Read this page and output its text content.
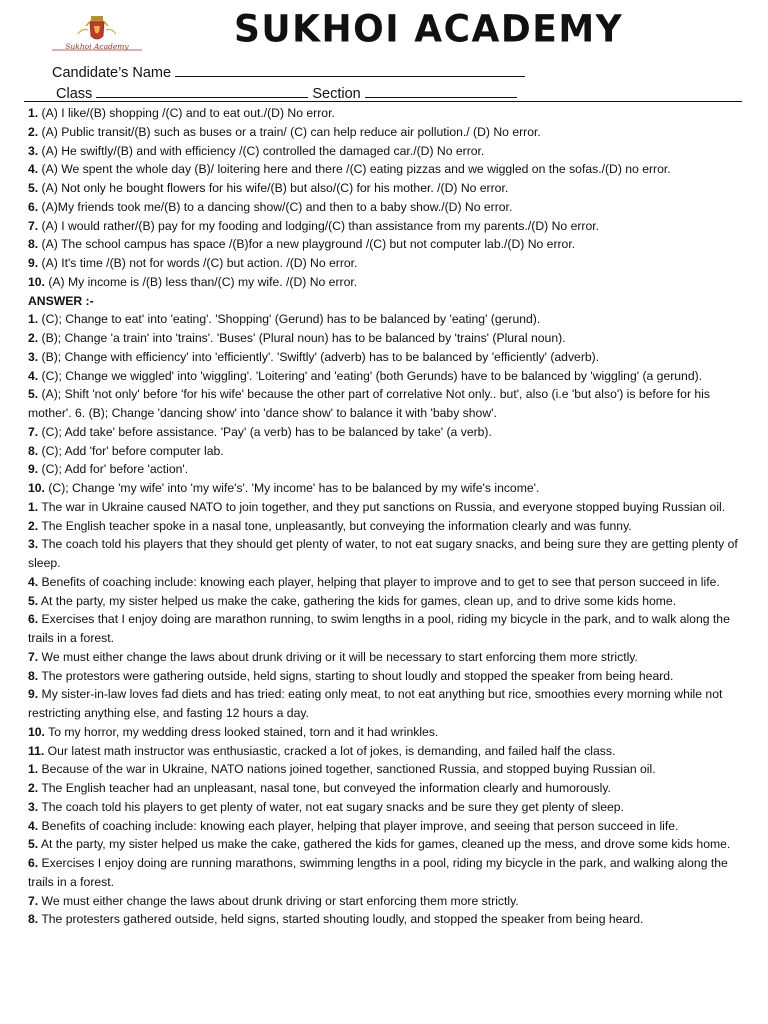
Sukhoi Academy	SUKHOI ACADEMY
Candidate’s Name
Class	Section

1. (A) I like/(B) shopping /(C) and to eat out./(D) No error.

2. (A) Public transit/(B) such as buses or a train/ (C) can help reduce air pollution./ (D) No error.

3. (A) He swiftly/(B) and with efficiency /(C) controlled the damaged car./(D) No error.

4. (A) We spent the whole day (B)/ loitering here and there /(C) eating pizzas and we wiggled on the sofas./(D) no error.

5. (A) Not only he bought flowers for his wife/(B) but also/(C) for his mother. /(D) No error.

6. (A)My friends took me/(B) to a dancing show/(C) and then to a baby show./(D) No error.

7. (A) I would rather/(B) pay for my fooding and lodging/(C) than assistance from my parents./(D) No error.

8. (A) The school campus has space /(B)for a new playground /(C) but not computer lab./(D) No error.

9. (A) It's time /(B) not for words /(C) but action. /(D) No error.

10. (A) My income is /(B) less than/(C) my wife. /(D) No error.

ANSWER :-

1. (C); Change to eat' into 'eating'. 'Shopping' (Gerund) has to be balanced by 'eating' (gerund).

2. (B); Change 'a train' into 'trains'. 'Buses' (Plural noun) has to be balanced by 'trains' (Plural noun).

3. (B); Change with efficiency' into 'efficiently'. 'Swiftly' (adverb) has to be balanced by 'efficiently' (adverb).

4. (C); Change we wiggled' into 'wiggling'. 'Loitering' and 'eating' (both Gerunds) have to be balanced by 'wiggling' (a gerund).

5. (A); Shift 'not only' before 'for his wife' because the other part of correlative Not only.. but', also (i.e 'but also') is before for his mother'. 6. (B); Change 'dancing show' into 'dance show' to balance it with 'baby show'.

7. (C); Add take' before assistance. 'Pay' (a verb) has to be balanced by take' (a verb).

8. (C); Add 'for' before computer lab.

9. (C); Add for' before 'action'.

10. (C); Change 'my wife' into 'my wife's'. 'My income' has to be balanced by my wife's income'.

1. The war in Ukraine caused NATO to join together, and they put sanctions on Russia, and everyone stopped buying Russian oil.

2. The English teacher spoke in a nasal tone, unpleasantly, but conveying the information clearly and was funny.

3. The coach told his players that they should get plenty of water, to not eat sugary snacks, and being sure they are getting plenty of sleep.

4. Benefits of coaching include: knowing each player, helping that player to improve and to get to see that person succeed in life.

5. At the party, my sister helped us make the cake, gathering the kids for games, clean up, and to drive some kids home.

6. Exercises that I enjoy doing are marathon running, to swim lengths in a pool, riding my bicycle in the park, and to walk along the trails in a forest.

7. We must either change the laws about drunk driving or it will be necessary to start enforcing them more strictly.

8. The protestors were gathering outside, held signs, starting to shout loudly and stopped the speaker from being heard.

9. My sister-in-law loves fad diets and has tried: eating only meat, to not eat anything but rice, smoothies every morning while not restricting anything else, and fasting 12 hours a day.

10. To my horror, my wedding dress looked stained, torn and it had wrinkles.

11. Our latest math instructor was enthusiastic, cracked a lot of jokes, is demanding, and failed half the class.

1. Because of the war in Ukraine, NATO nations joined together, sanctioned Russia, and stopped buying Russian oil.

2. The English teacher had an unpleasant, nasal tone, but conveyed the information clearly and humorously.

3. The coach told his players to get plenty of water, not eat sugary snacks and be sure they get plenty of sleep.

4. Benefits of coaching include: knowing each player, helping that player improve, and seeing that person succeed in life.

5. At the party, my sister helped us make the cake, gathered the kids for games, cleaned up the mess, and drove some kids home.

6. Exercises I enjoy doing are running marathons, swimming lengths in a pool, riding my bicycle in the park, and walking along the trails in a forest.

7. We must either change the laws about drunk driving or start enforcing them more strictly.

8. The protesters gathered outside, held signs, started shouting loudly, and stopped the speaker from being heard.
